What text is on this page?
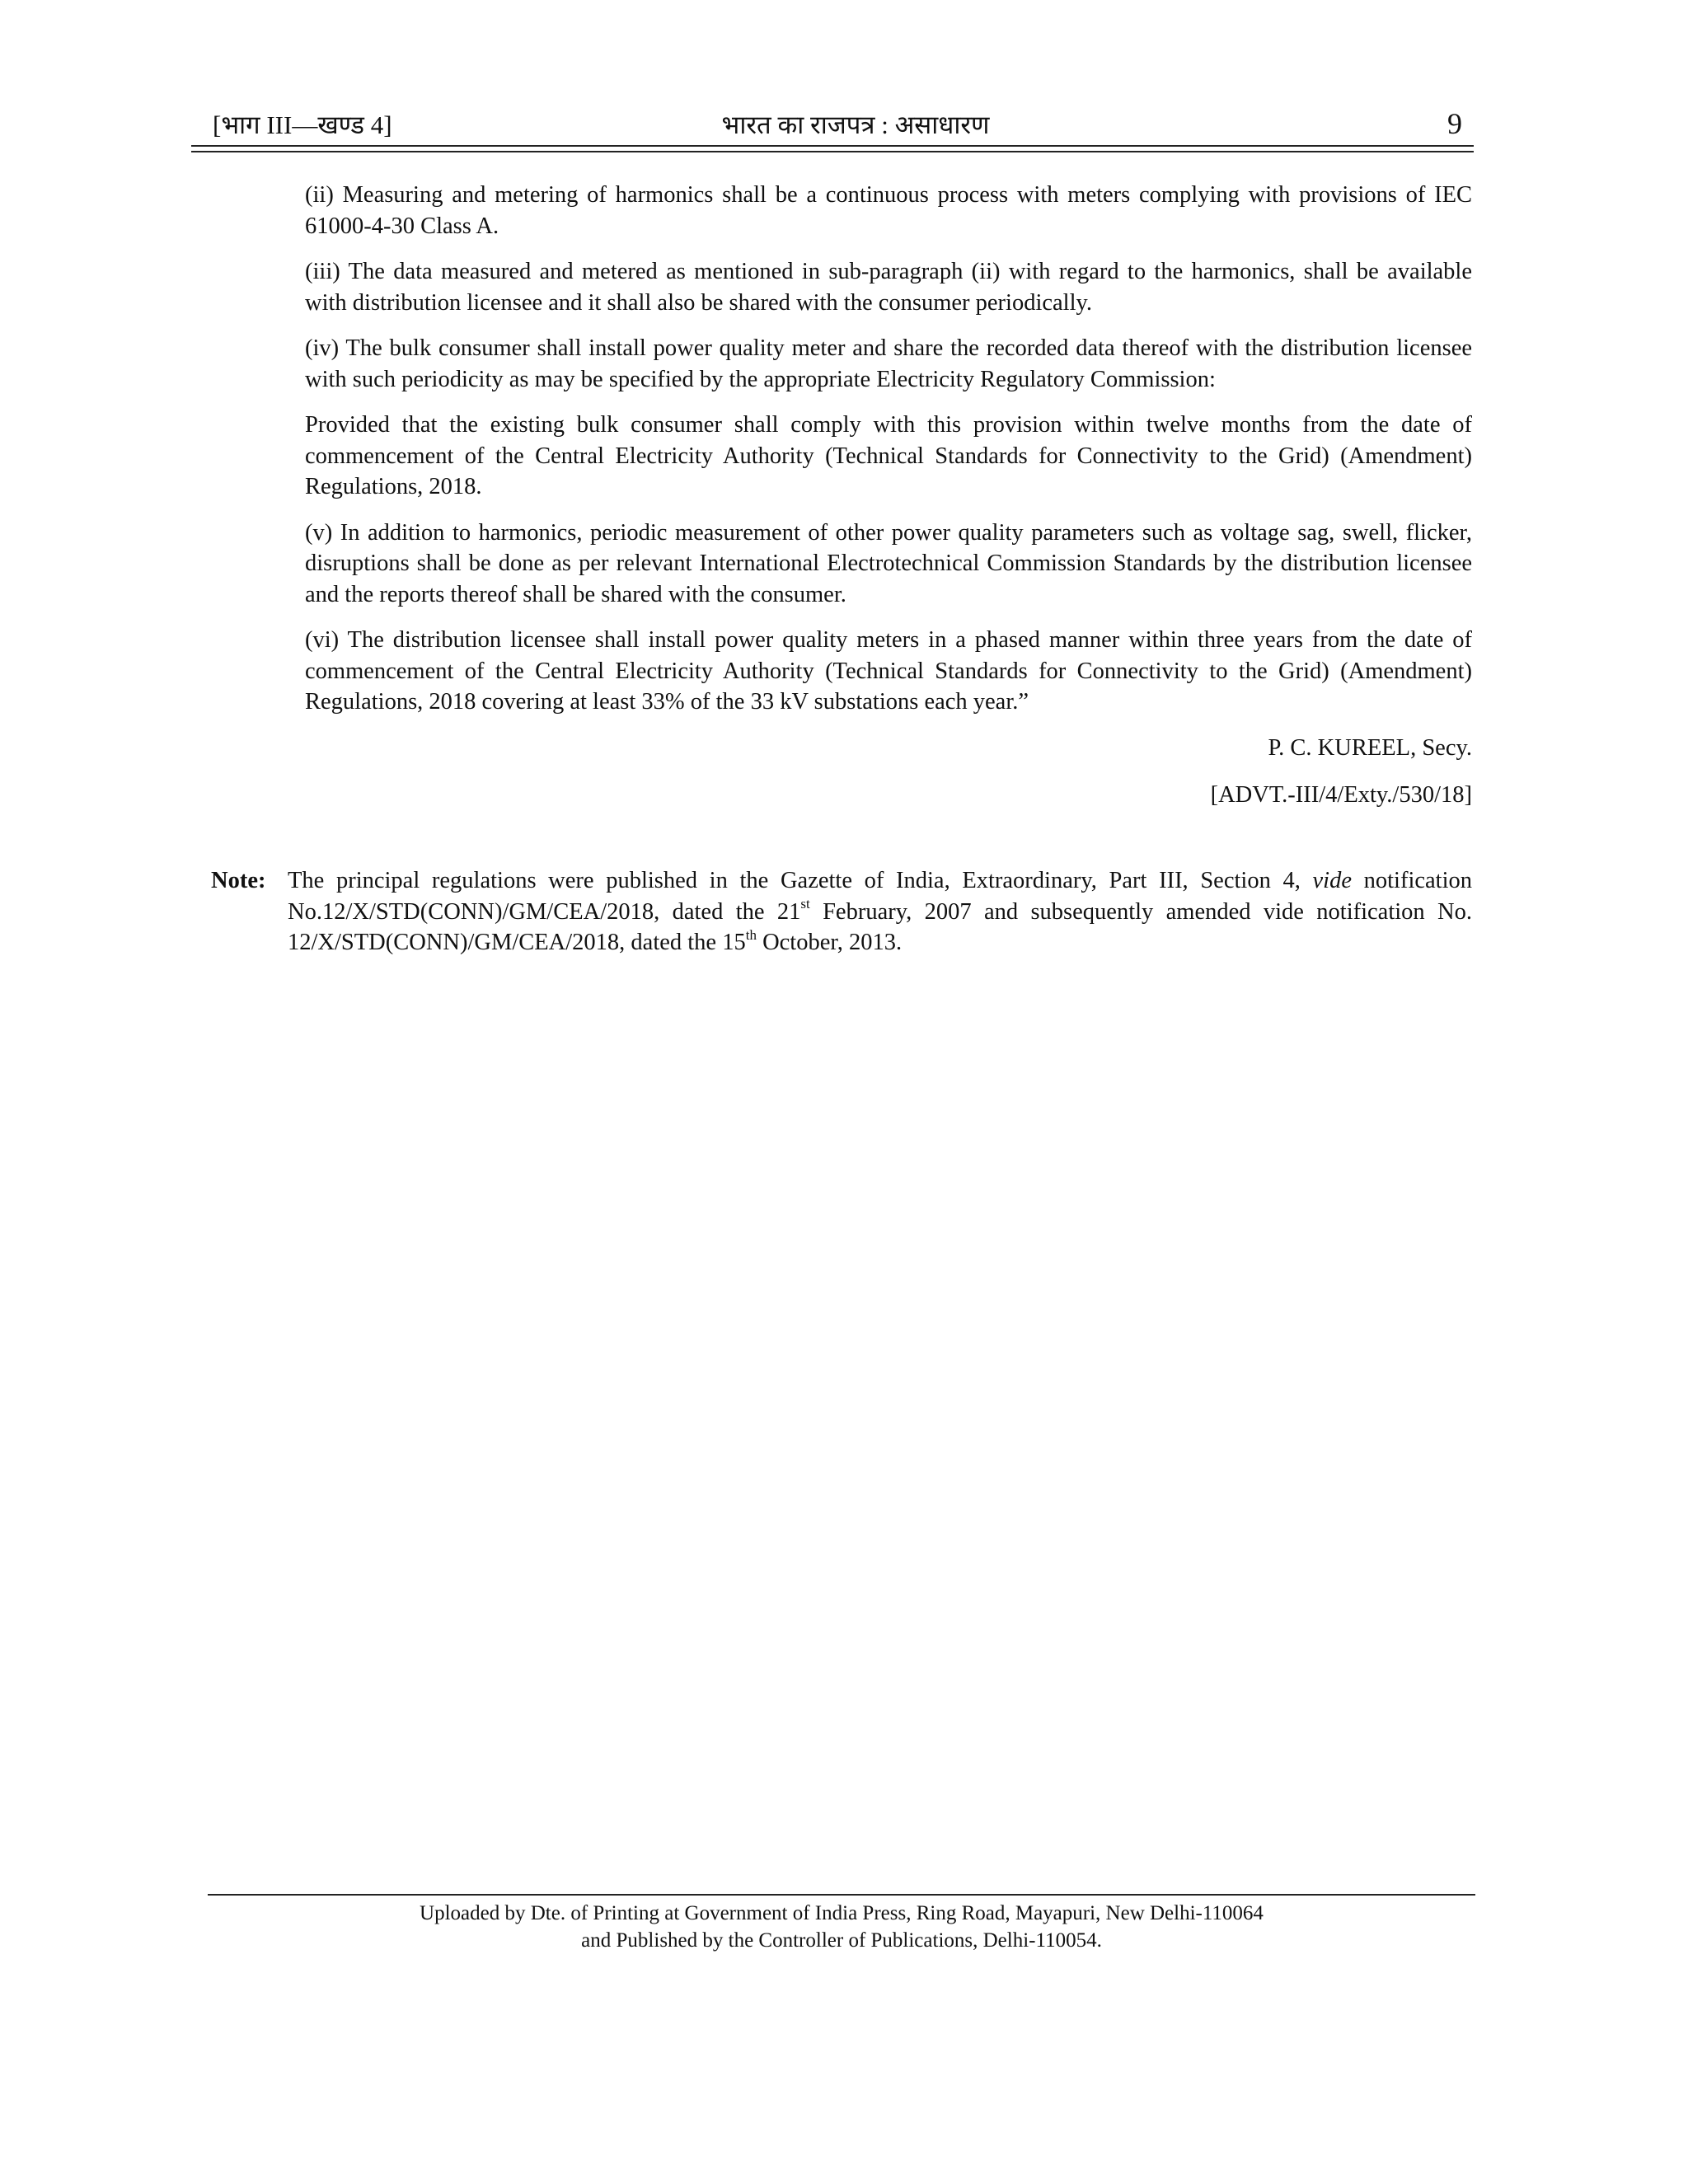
[भाग III—खण्ड 4]	भारत का राजपत्र : असाधारण	9

(ii) Measuring and metering of harmonics shall be a continuous process with meters complying with provisions of IEC 61000-4-30 Class A.

(iii) The data measured and metered as mentioned in sub-paragraph (ii) with regard to the harmonics, shall be available with distribution licensee and it shall also be shared with the consumer periodically.

(iv) The bulk consumer shall install power quality meter and share the recorded data thereof with the distribution licensee with such periodicity as may be specified by the appropriate Electricity Regulatory Commission:

Provided that the existing bulk consumer shall comply with this provision within twelve months from the date of commencement of the Central Electricity Authority (Technical Standards for Connectivity to the Grid) (Amendment) Regulations, 2018.

(v) In addition to harmonics, periodic measurement of other power quality parameters such as voltage sag, swell, flicker, disruptions shall be done as per relevant International Electrotechnical Commission Standards by the distribution licensee and the reports thereof shall be shared with the consumer.

(vi) The distribution licensee shall install power quality meters in a phased manner within three years from the date of commencement of the Central Electricity Authority (Technical Standards for Connectivity to the Grid) (Amendment) Regulations, 2018 covering at least 33% of the 33 kV substations each year.”

P. C. KUREEL, Secy.

[ADVT.-III/4/Exty./530/18]

Note: The principal regulations were published in the Gazette of India, Extraordinary, Part III, Section 4, vide notification No.12/X/STD(CONN)/GM/CEA/2018, dated the 21st February, 2007 and subsequently amended vide notification No. 12/X/STD(CONN)/GM/CEA/2018, dated the 15th October, 2013.
Uploaded by Dte. of Printing at Government of India Press, Ring Road, Mayapuri, New Delhi-110064
and Published by the Controller of Publications, Delhi-110054.
